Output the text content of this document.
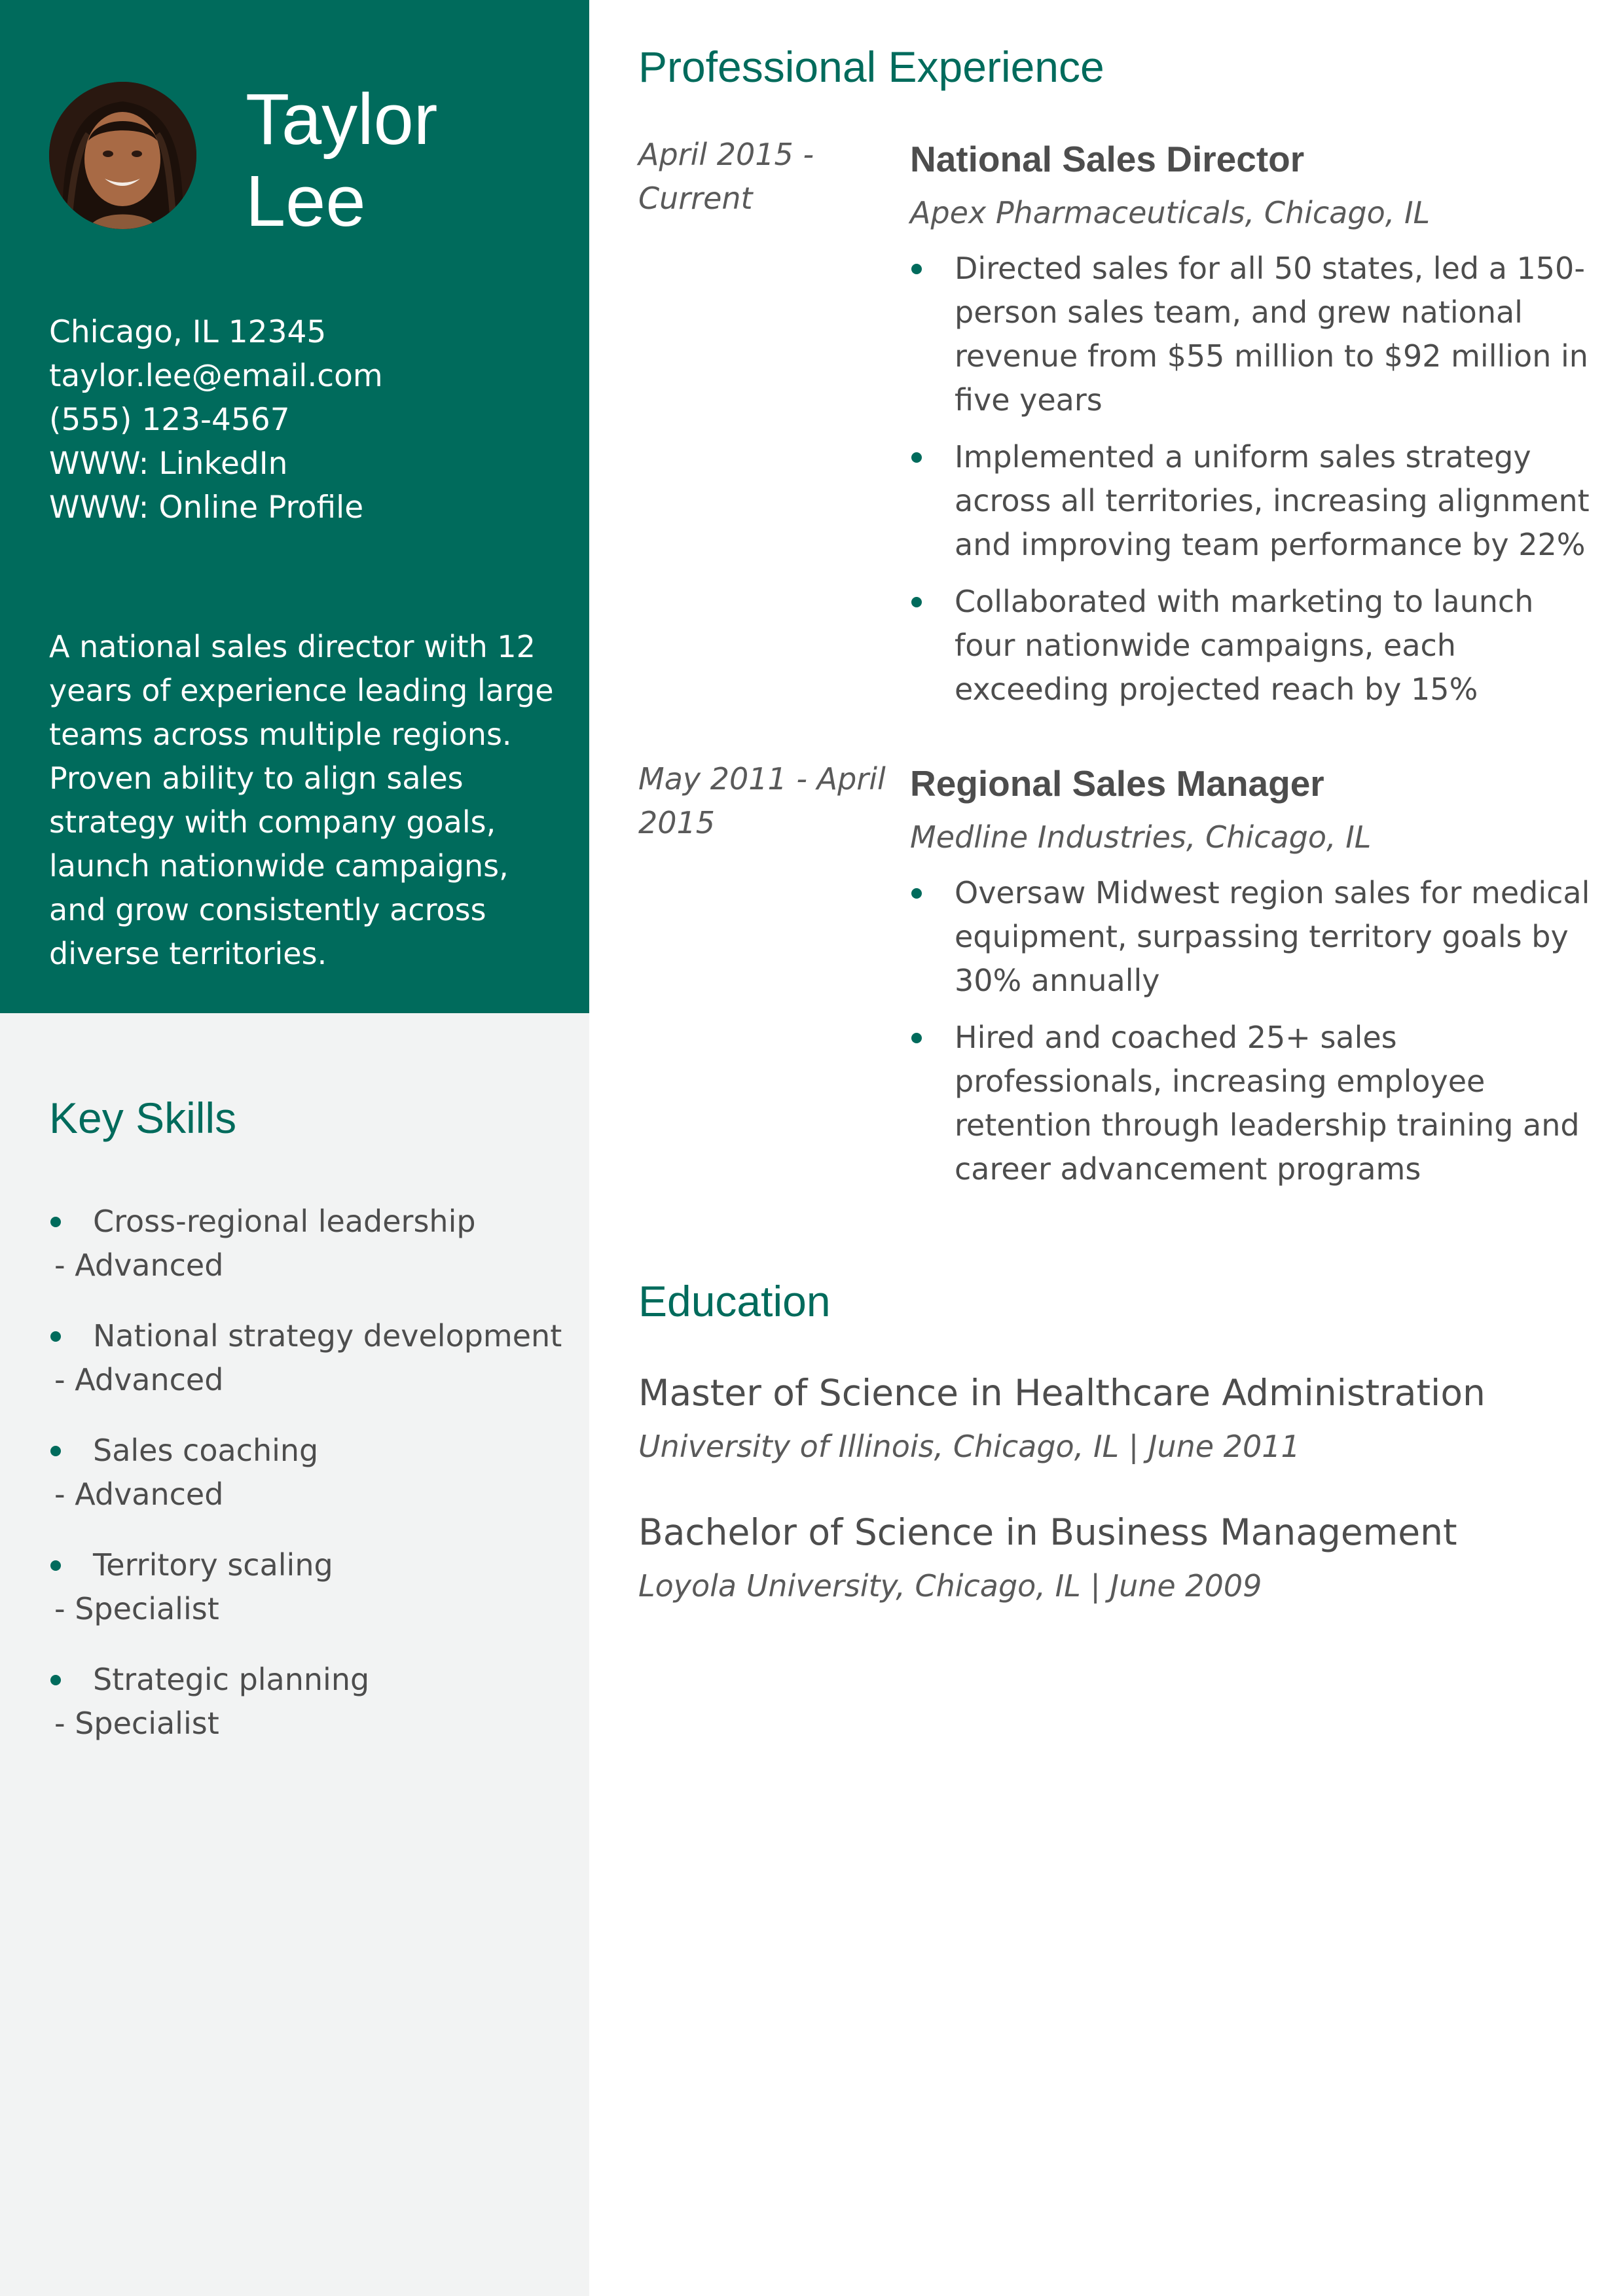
Taylor
Lee
Chicago, IL 12345
taylor.lee@email.com
(555) 123-4567
WWW: LinkedIn
WWW: Online Profile

A national sales director with 12 years of experience leading large teams across multiple regions. Proven ability to align sales strategy with company goals, launch nationwide campaigns, and grow consistently across diverse territories.

Key Skills
Cross-regional leadership
- Advanced
National strategy development
- Advanced
Sales coaching
- Advanced
Territory scaling
- Specialist
Strategic planning
- Specialist
Professional Experience
April 2015 - Current
National Sales Director
Apex Pharmaceuticals, Chicago, IL
Directed sales for all 50 states, led a 150-person sales team, and grew national revenue from $55 million to $92 million in five years
Implemented a uniform sales strategy across all territories, increasing alignment and improving team performance by 22%
Collaborated with marketing to launch four nationwide campaigns, each exceeding projected reach by 15%
May 2011 - April 2015
Regional Sales Manager
Medline Industries, Chicago, IL
Oversaw Midwest region sales for medical equipment, surpassing territory goals by 30% annually
Hired and coached 25+ sales professionals, increasing employee retention through leadership training and career advancement programs
Education
Master of Science in Healthcare Administration
University of Illinois, Chicago, IL | June 2011
Bachelor of Science in Business Management
Loyola University, Chicago, IL | June 2009
